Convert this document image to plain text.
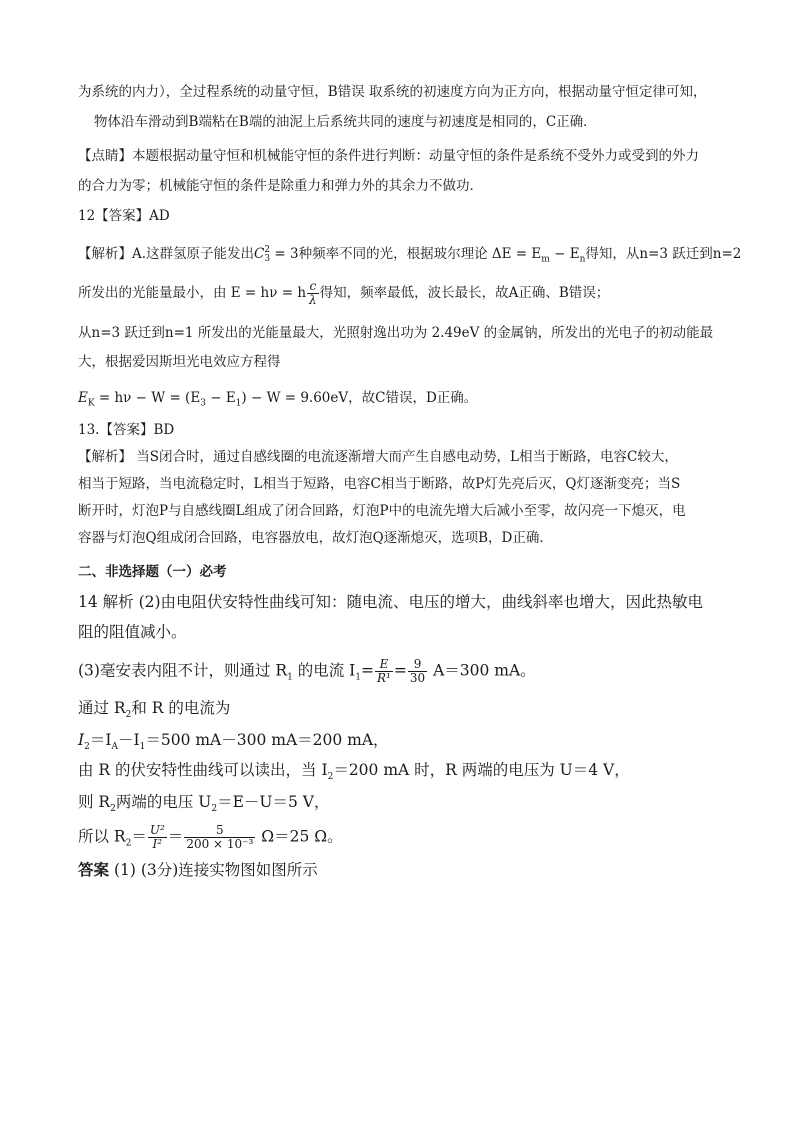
为系统的内力），全过程系统的动量守恒，B错误 取系统的初速度方向为正方向，根据动量守恒定律可知，
物体沿车滑动到B端粘在B端的油泥上后系统共同的速度与初速度是相同的，C正确．
【点睛】本题根据动量守恒和机械能守恒的条件进行判断：动量守恒的条件是系统不受外力或受到的外力
的合力为零；机械能守恒的条件是除重力和弹力外的其余力不做功．
12【答案】AD
【解析】A.这群氢原子能发出C 2
3 = 3种频率不同的光，根据玻尔理论 $\Delta E = E_m - E_n$得知，从n=3 跃迁到n=2
所发出的光能量最小，由 E = hν = h $\frac{c}{\lambda}$ 得知，频率最低，波长最长，故A正确、B错误；
从n=3 跃迁到n=1 所发出的光能量最大，光照射逸出功为 2.49eV 的金属钠，所发出的光电子的初动能最
大，根据爱因斯坦光电效应方程得
$E_K = h\nu - W = (E_3 - E_1) - W = 9.60eV$，故C错误，D正确。
13.【答案】BD
【解析】 当S闭合时，通过自感线圈的电流逐渐增大而产生自感电动势，L相当于断路，电容C较大，
相当于短路，当电流稳定时，L相当于短路，电容C相当于断路，故P灯先亮后灭，Q灯逐渐变亮；当S
断开时，灯泡P与自感线圈L组成了闭合回路，灯泡P中的电流先增大后减小至零，故闪亮一下熄灭，电
容器与灯泡Q组成闭合回路，电容器放电，故灯泡Q逐渐熄灭，选项B，D正确．
二、非选择题（一）必考
14 解析 (2)由电阻伏安特性曲线可知：随电流、电压的增大，曲线斜率也增大，因此热敏电
阻的阻值减小。
(3)毫安表内阻不计，则通过 $R_1$ 的电流 $I_1= \frac{E}{\text{R¹}} = \frac{9}{30} A=300$ mA。
通过 $R_2$和 R 的电流为
$I_2=I_A-I_1=500$ mA－300 mA＝200 mA，
由 R 的伏安特性曲线可以读出，当 $I_2=200$ mA 时，R 两端的电压为 U＝4 V，
则 $R_2$两端的电压 $U_2=E-U=5$ V，
所以 $R_2= \frac{\text{U²}}{\text{I²}} = \frac{5}{\text{200 × 10⁻³}} \Omega=25$ Ω。
答案 (1) (3分)连接实物图如图所示
